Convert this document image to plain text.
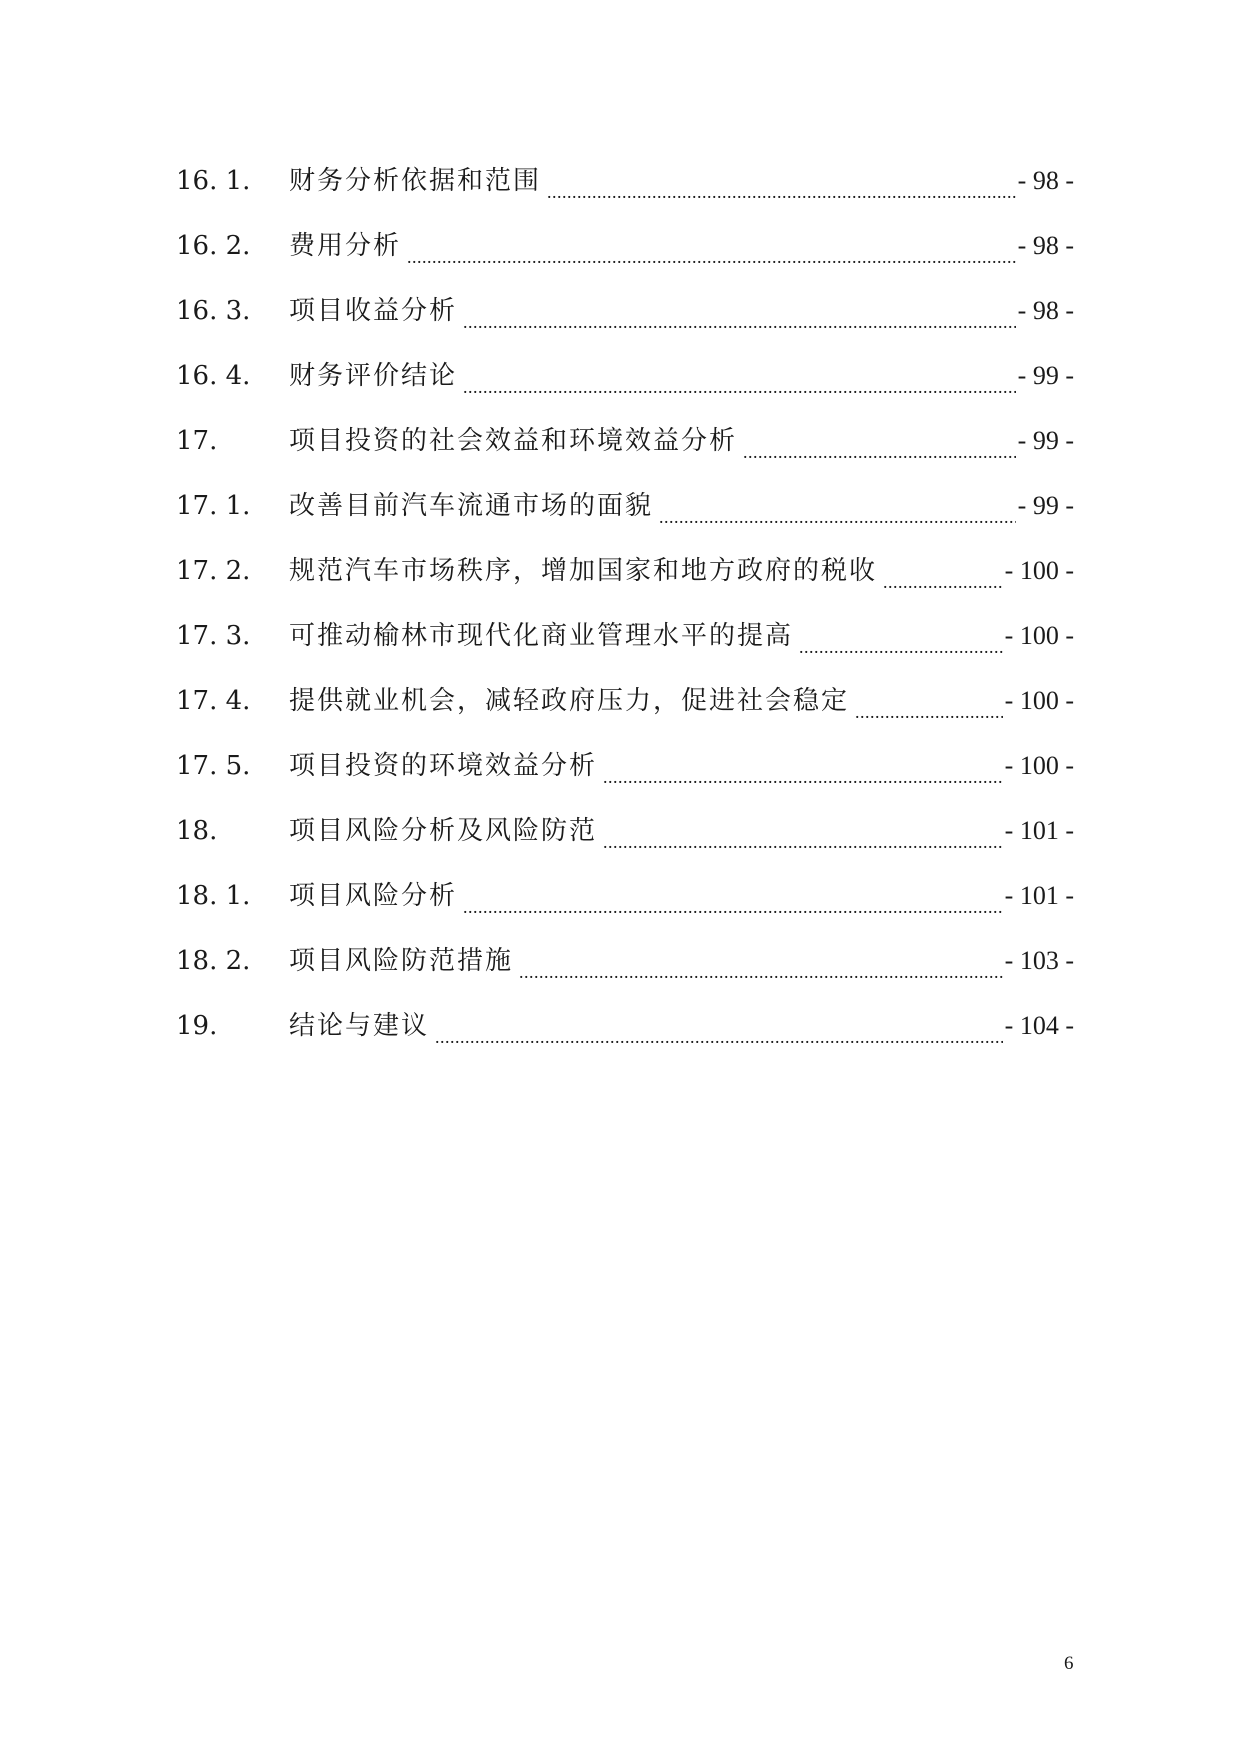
16. 1.	财务分析依据和范围 .....	- 98 -
16. 2.	费用分析 .....	- 98 -
16. 3.	项目收益分析 .....	- 98 -
16. 4.	财务评价结论 .....	- 99 -
17.	项目投资的社会效益和环境效益分析 .....	- 99 -
17. 1.	改善目前汽车流通市场的面貌 .....	- 99 -
17. 2.	规范汽车市场秩序，增加国家和地方政府的税收 .....	- 100 -
17. 3.	可推动榆林市现代化商业管理水平的提高 .....	- 100 -
17. 4.	提供就业机会，减轻政府压力，促进社会稳定 .....	- 100 -
17. 5.	项目投资的环境效益分析 .....	- 100 -
18.	项目风险分析及风险防范 .....	- 101 -
18. 1.	项目风险分析 .....	- 101 -
18. 2.	项目风险防范措施 .....	- 103 -
19.	结论与建议 .....	- 104 -
6
